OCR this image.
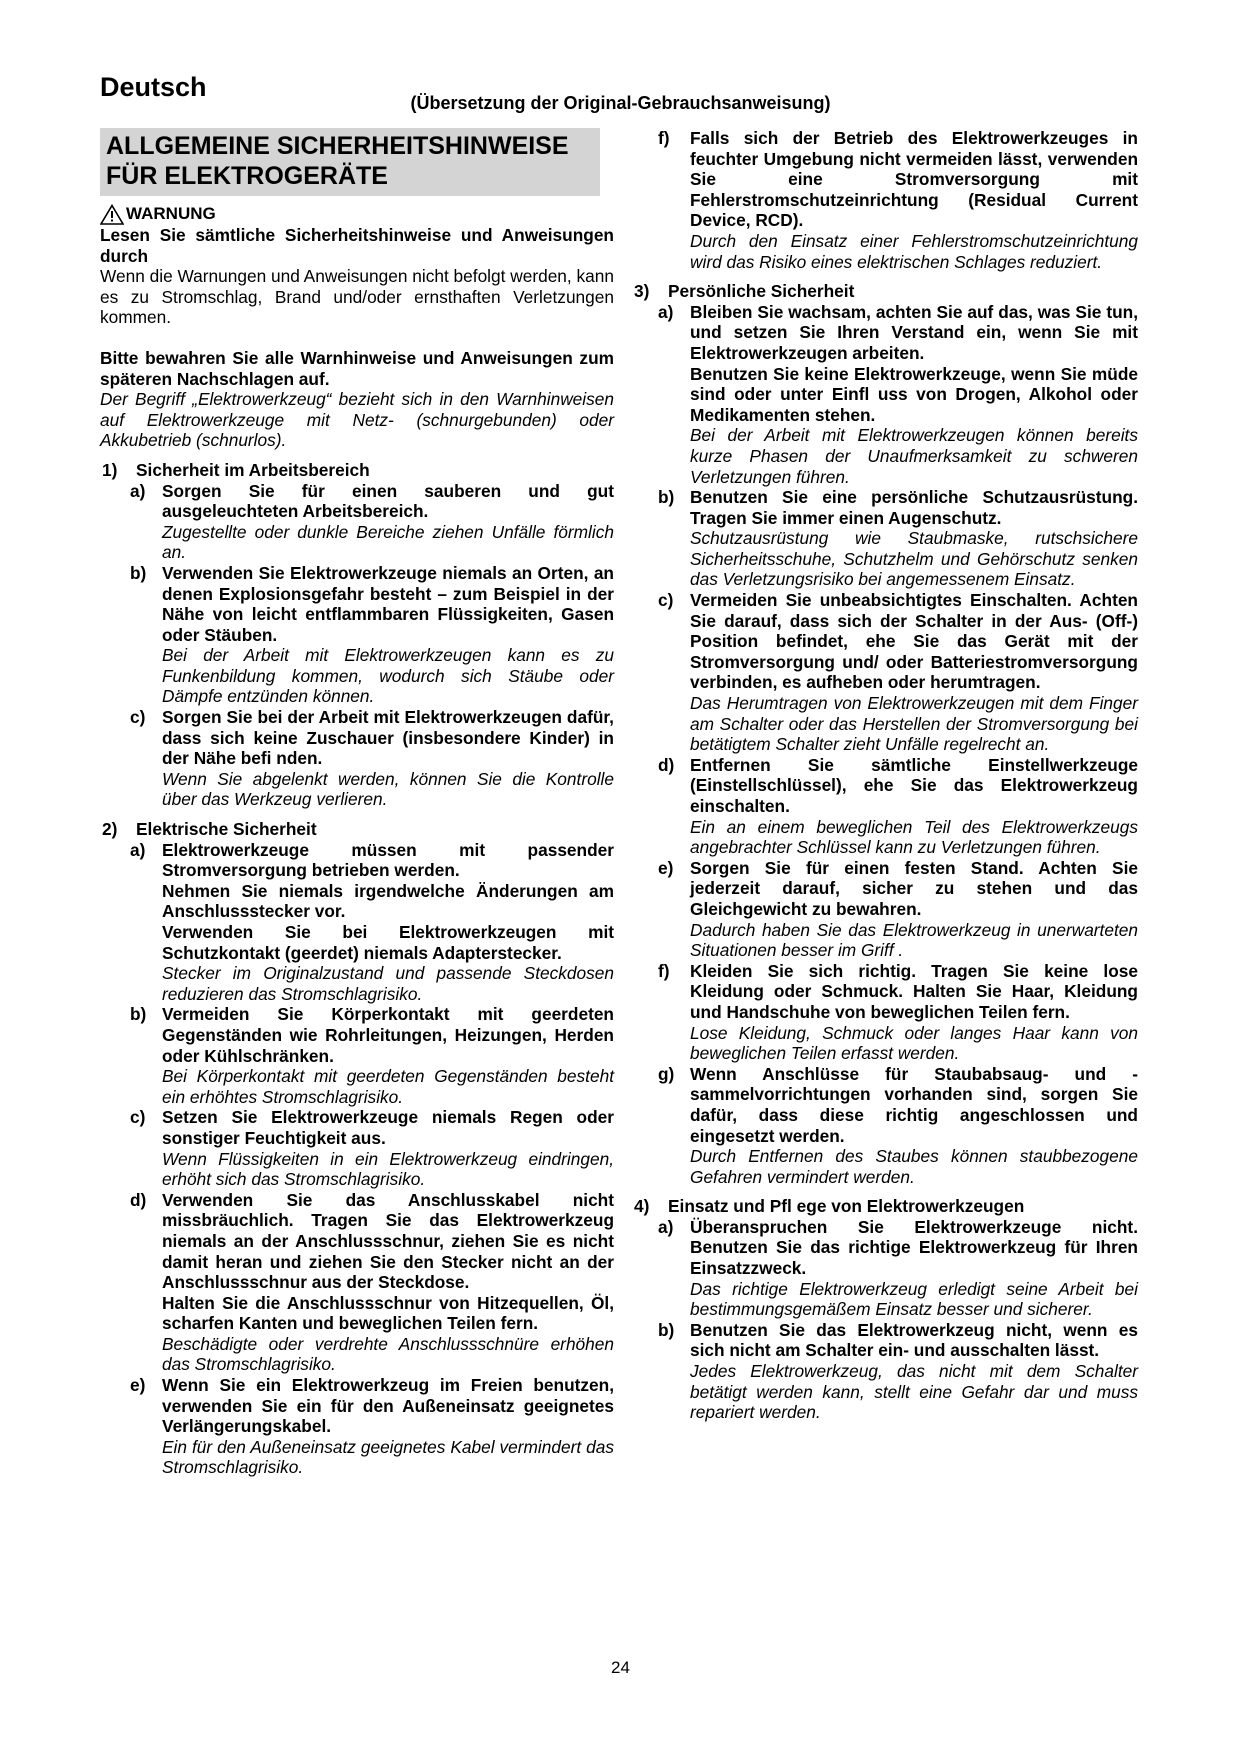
Deutsch
(Übersetzung der Original-Gebrauchsanweisung)
ALLGEMEINE SICHERHEITSHINWEISE
FÜR ELEKTROGERÄTE
WARNUNG

Lesen Sie sämtliche Sicherheitshinweise und Anweisungen durch

Wenn die Warnungen und Anweisungen nicht befolgt werden, kann es zu Stromschlag, Brand und/oder ernsthaften Verletzungen kommen.

Bitte bewahren Sie alle Warnhinweise und Anweisungen zum späteren Nachschlagen auf.

Der Begriff „Elektrowerkzeug“ bezieht sich in den Warnhinweisen auf Elektrowerkzeuge mit Netz- (schnurgebunden) oder Akkubetrieb (schnurlos).

1)	Sicherheit im Arbeitsbereich
a) Sorgen Sie für einen sauberen und gut ausgeleuchteten Arbeitsbereich.

Zugestellte oder dunkle Bereiche ziehen Unfälle förmlich an.

b) Verwenden Sie Elektrowerkzeuge niemals an Orten, an denen Explosionsgefahr besteht – zum Beispiel in der Nähe von leicht entflammbaren Flüssigkeiten, Gasen oder Stäuben.

Bei der Arbeit mit Elektrowerkzeugen kann es zu Funkenbildung kommen, wodurch sich Stäube oder Dämpfe entzünden können.

c) Sorgen Sie bei der Arbeit mit Elektrowerkzeugen dafür, dass sich keine Zuschauer (insbesondere Kinder) in der Nähe befi nden.

Wenn Sie abgelenkt werden, können Sie die Kontrolle über das Werkzeug verlieren.

2)	Elektrische Sicherheit
a) Elektrowerkzeuge müssen mit passender Stromversorgung betrieben werden.

Nehmen Sie niemals irgendwelche Änderungen am Anschlussstecker vor.

Verwenden Sie bei Elektrowerkzeugen mit Schutzkontakt (geerdet) niemals Adapterstecker.

Stecker im Originalzustand und passende Steckdosen reduzieren das Stromschlagrisiko.

b) Vermeiden Sie Körperkontakt mit geerdeten Gegenständen wie Rohrleitungen, Heizungen, Herden oder Kühlschränken.

Bei Körperkontakt mit geerdeten Gegenständen besteht ein erhöhtes Stromschlagrisiko.

c) Setzen Sie Elektrowerkzeuge niemals Regen oder sonstiger Feuchtigkeit aus.

Wenn Flüssigkeiten in ein Elektrowerkzeug eindringen, erhöht sich das Stromschlagrisiko.

d) Verwenden Sie das Anschlusskabel nicht missbräuchlich. Tragen Sie das Elektrowerkzeug niemals an der Anschlussschnur, ziehen Sie es nicht damit heran und ziehen Sie den Stecker nicht an der Anschlussschnur aus der Steckdose.

Halten Sie die Anschlussschnur von Hitzequellen, Öl, scharfen Kanten und beweglichen Teilen fern.

Beschädigte oder verdrehte Anschlussschnüre erhöhen das Stromschlagrisiko.

e) Wenn Sie ein Elektrowerkzeug im Freien benutzen, verwenden Sie ein für den Außeneinsatz geeignetes Verlängerungskabel.

Ein für den Außeneinsatz geeignetes Kabel vermindert das Stromschlagrisiko.

f)	Falls sich der Betrieb des Elektrowerkzeuges in feuchter Umgebung nicht vermeiden lässt, verwenden Sie eine Stromversorgung mit Fehlerstromschutzeinrichtung (Residual Current Device, RCD).

Durch den Einsatz einer Fehlerstromschutzeinrichtung wird das Risiko eines elektrischen Schlages reduziert.

3)	Persönliche Sicherheit
a) Bleiben Sie wachsam, achten Sie auf das, was Sie tun, und setzen Sie Ihren Verstand ein, wenn Sie mit Elektrowerkzeugen arbeiten.

Benutzen Sie keine Elektrowerkzeuge, wenn Sie müde sind oder unter Einfl uss von Drogen, Alkohol oder Medikamenten stehen.

Bei der Arbeit mit Elektrowerkzeugen können bereits kurze Phasen der Unaufmerksamkeit zu schweren Verletzungen führen.

b) Benutzen Sie eine persönliche Schutzausrüstung. Tragen Sie immer einen Augenschutz.

Schutzausrüstung wie Staubmaske, rutschsichere Sicherheitsschuhe, Schutzhelm und Gehörschutz senken das Verletzungsrisiko bei angemessenem Einsatz.

c) Vermeiden Sie unbeabsichtigtes Einschalten. Achten Sie darauf, dass sich der Schalter in der Aus- (Off-) Position befindet, ehe Sie das Gerät mit der Stromversorgung und/ oder Batteriestromversorgung verbinden, es aufheben oder herumtragen.

Das Herumtragen von Elektrowerkzeugen mit dem Finger am Schalter oder das Herstellen der Stromversorgung bei betätigtem Schalter zieht Unfälle regelrecht an.

d) Entfernen Sie sämtliche Einstellwerkzeuge (Einstellschlüssel), ehe Sie das Elektrowerkzeug einschalten.

Ein an einem beweglichen Teil des Elektrowerkzeugs angebrachter Schlüssel kann zu Verletzungen führen.

e) Sorgen Sie für einen festen Stand. Achten Sie jederzeit darauf, sicher zu stehen und das Gleichgewicht zu bewahren.

Dadurch haben Sie das Elektrowerkzeug in unerwarteten Situationen besser im Griff .

f)	Kleiden Sie sich richtig. Tragen Sie keine lose Kleidung oder Schmuck. Halten Sie Haar, Kleidung und Handschuhe von beweglichen Teilen fern.

Lose Kleidung, Schmuck oder langes Haar kann von beweglichen Teilen erfasst werden.

g) Wenn Anschlüsse für Staubabsaug- und -sammelvorrichtungen vorhanden sind, sorgen Sie dafür, dass diese richtig angeschlossen und eingesetzt werden.

Durch Entfernen des Staubes können staubbezogene Gefahren vermindert werden.

4)	Einsatz und Pfl ege von Elektrowerkzeugen
a) Überanspruchen Sie Elektrowerkzeuge nicht. Benutzen Sie das richtige Elektrowerkzeug für Ihren Einsatzzweck.

Das richtige Elektrowerkzeug erledigt seine Arbeit bei bestimmungsgemäßem Einsatz besser und sicherer.

b) Benutzen Sie das Elektrowerkzeug nicht, wenn es sich nicht am Schalter ein- und ausschalten lässt.

Jedes Elektrowerkzeug, das nicht mit dem Schalter betätigt werden kann, stellt eine Gefahr dar und muss repariert werden.

24
